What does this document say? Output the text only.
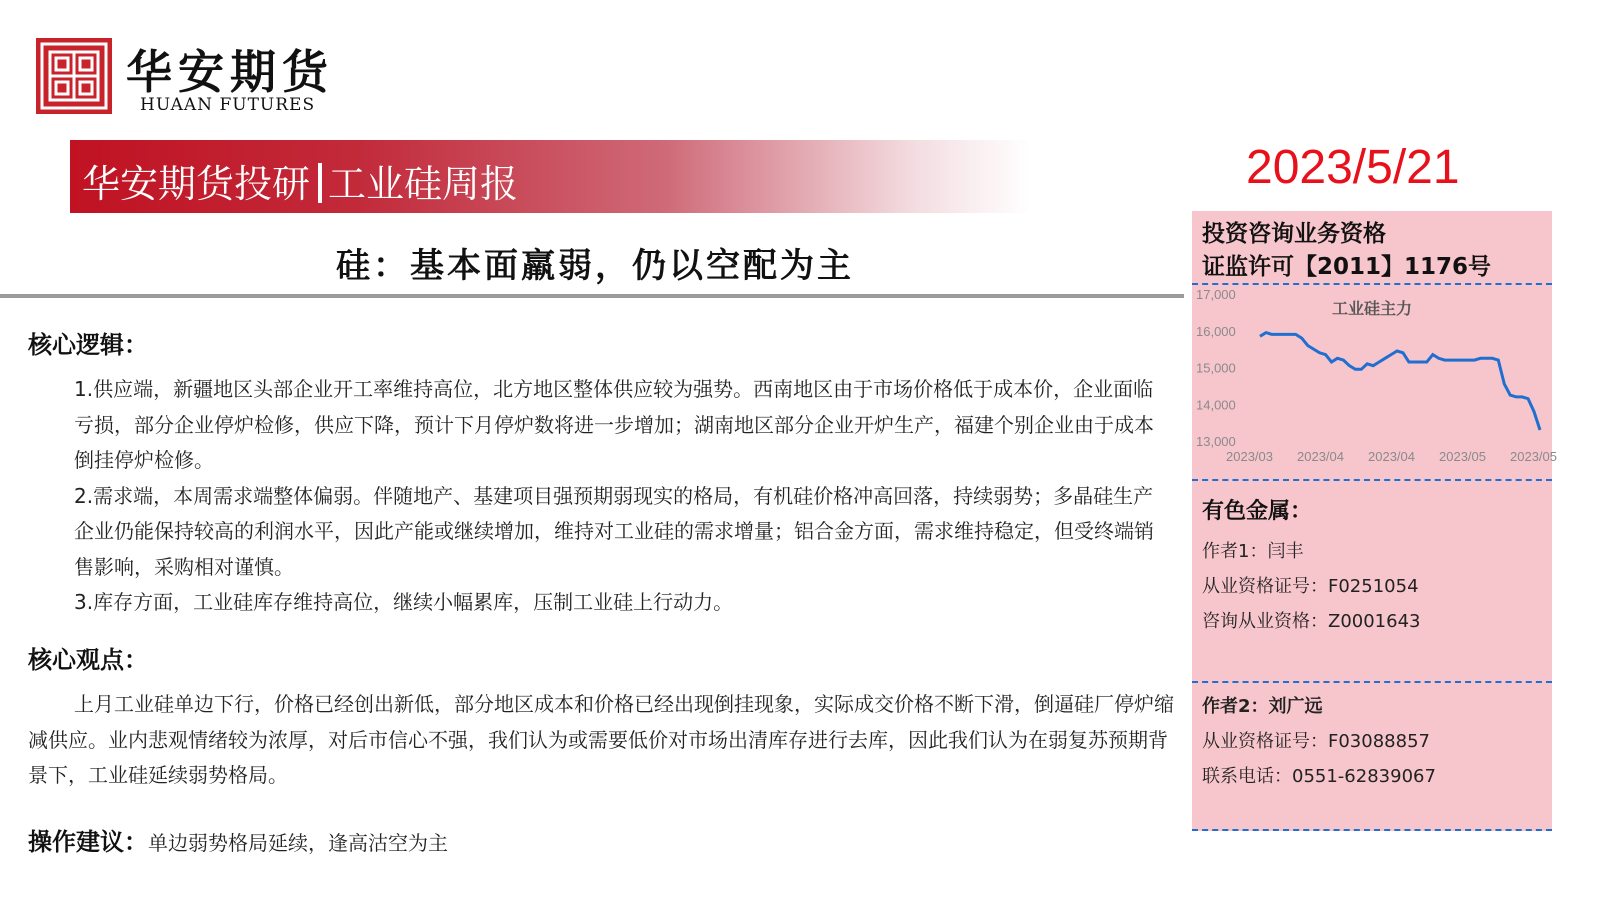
华安期货
HUAAN FUTURES
华安期货投研 工业硅周报	2023/5/21
硅：基本面羸弱，仍以空配为主
核心逻辑：
1.供应端，新疆地区头部企业开工率维持高位，北方地区整体供应较为强势。西南地区由于市场价格低于成本价，企业面临亏损，部分企业停炉检修，供应下降，预计下月停炉数将进一步增加；湖南地区部分企业开炉生产，福建个别企业由于成本倒挂停炉检修。
2.需求端，本周需求端整体偏弱。伴随地产、基建项目强预期弱现实的格局，有机硅价格冲高回落，持续弱势；多晶硅生产企业仍能保持较高的利润水平，因此产能或继续增加，维持对工业硅的需求增量；铝合金方面，需求维持稳定，但受终端销售影响，采购相对谨慎。
3.库存方面，工业硅库存维持高位，继续小幅累库，压制工业硅上行动力。
核心观点：
上月工业硅单边下行，价格已经创出新低，部分地区成本和价格已经出现倒挂现象，实际成交价格不断下滑，倒逼硅厂停炉缩减供应。业内悲观情绪较为浓厚，对后市信心不强，我们认为或需要低价对市场出清库存进行去库，因此我们认为在弱复苏预期背景下，工业硅延续弱势格局。
操作建议：单边弱势格局延续，逢高沽空为主
投资咨询业务资格
证监许可【2011】1176号
工业硅主力
17,000
16,000
15,000
14,000
13,000
2023/03 2023/04 2023/04 2023/05 2023/05
有色金属：
作者1：闫丰
从业资格证号：F0251054
咨询从业资格：Z0001643
作者2：刘广远
从业资格证号：F03088857
联系电话：0551-62839067
